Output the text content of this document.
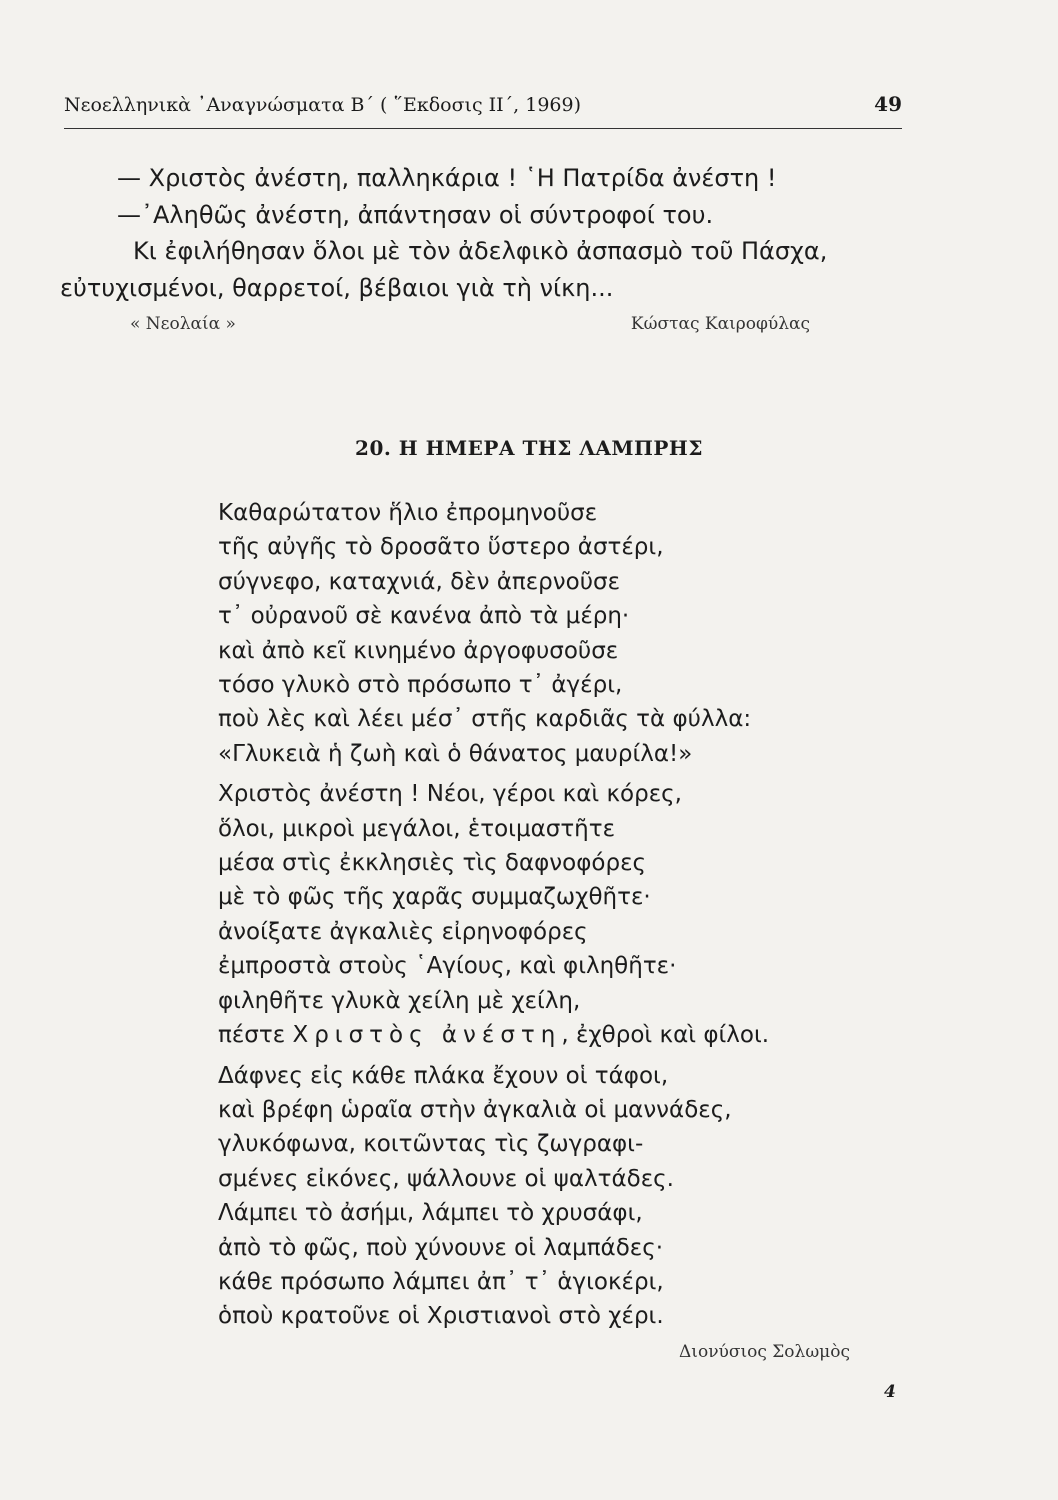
Νεοελληνικὰ ᾿Αναγνώσματα Β΄ ( ῞Εκδοσις ΙΙ΄, 1969)	49

— Χριστὸς ἀνέστη, παλληκάρια ! ῾Η Πατρίδα ἀνέστη !

—᾿Αληθῶς ἀνέστη, ἀπάντησαν οἱ σύντροφοί του.

Κι ἐφιλήθησαν ὅλοι μὲ τὸν ἀδελφικὸ ἀσπασμὸ τοῦ Πάσχα,

εὐτυχισμένοι, θαρρετοί, βέβαιοι γιὰ τὴ νίκη...

« Νεολαία »	Κώστας Καιροφύλας
20. Η ΗΜΕΡΑ ΤΗΣ ΛΑΜΠΡΗΣ

Καθαρώτατον ἥλιο ἐπρομηνοῦσε

τῆς αὐγῆς τὸ δροσᾶτο ὕστερο ἀστέρι,

σύγνεφο, καταχνιά, δὲν ἀπερνοῦσε

τ᾿ οὐρανοῦ σὲ κανένα ἀπὸ τὰ μέρη·

καὶ ἀπὸ κεῖ κινημένο ἀργοφυσοῦσε

τόσο γλυκὸ στὸ πρόσωπο τ᾿ ἀγέρι,

ποὺ λὲς καὶ λέει μέσ᾿ στῆς καρδιᾶς τὰ φύλλα:

«Γλυκειὰ ἡ ζωὴ καὶ ὁ θάνατος μαυρίλα!»

Χριστὸς ἀνέστη ! Νέοι, γέροι καὶ κόρες,

ὅλοι, μικροὶ μεγάλοι, ἑτοιμαστῆτε

μέσα στὶς ἐκκλησιὲς τὶς δαφνοφόρες

μὲ τὸ φῶς τῆς χαρᾶς συμμαζωχθῆτε·

ἀνοίξατε ἀγκαλιὲς εἰρηνοφόρες

ἐμπροστὰ στοὺς ῾Αγίους, καὶ φιληθῆτε·

φιληθῆτε γλυκὰ χείλη μὲ χείλη,

πέστε Χριστὸς ἀνέστη, ἐχθροὶ καὶ φίλοι.

Δάφνες εἰς κάθε πλάκα ἔχουν οἱ τάφοι,

καὶ βρέφη ὡραῖα στὴν ἀγκαλιὰ οἱ μαννάδες,

γλυκόφωνα, κοιτῶντας τὶς ζωγραφι-

σμένες εἰκόνες, ψάλλουνε οἱ ψαλτάδες.

Λάμπει τὸ ἀσήμι, λάμπει τὸ χρυσάφι,

ἀπὸ τὸ φῶς, ποὺ χύνουνε οἱ λαμπάδες·

κάθε πρόσωπο λάμπει ἀπ᾿ τ᾿ ἁγιοκέρι,

ὁποὺ κρατοῦνε οἱ Χριστιανοὶ στὸ χέρι.

Διονύσιος Σολωμὸς
4
